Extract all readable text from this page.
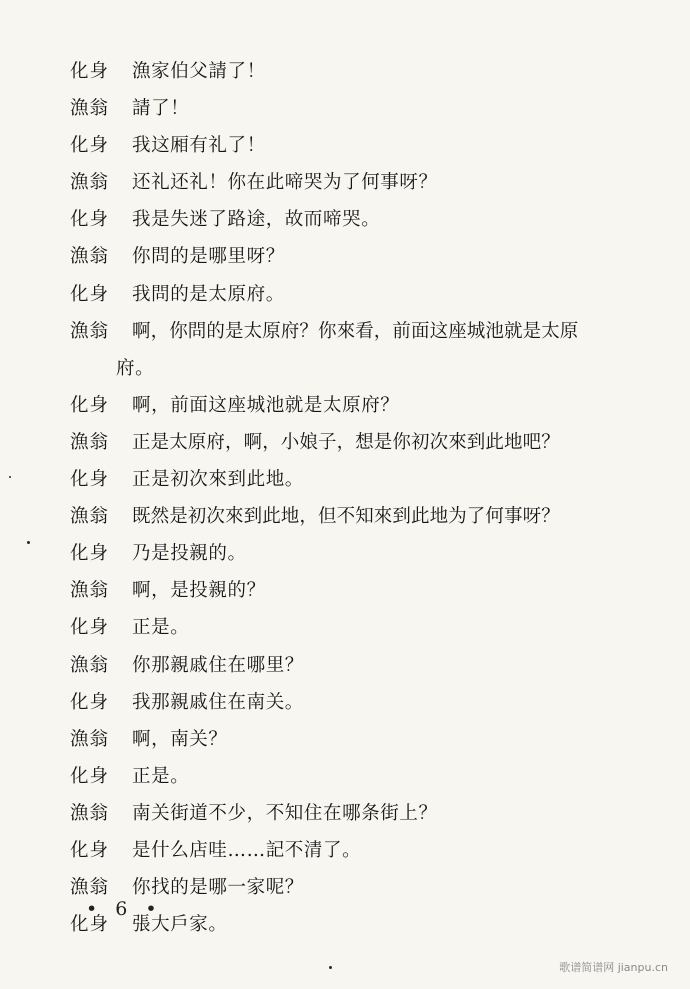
化身 漁家伯父請了！
漁翁 請了！
化身 我这厢有礼了！
漁翁 还礼还礼！你在此啼哭为了何事呀？
化身 我是失迷了路途，故而啼哭。
漁翁 你問的是哪里呀？
化身 我問的是太原府。
漁翁 啊，你問的是太原府？你來看，前面这座城池就是太原
府。
化身 啊，前面这座城池就是太原府？
漁翁 正是太原府，啊，小娘子，想是你初次來到此地吧？
化身 正是初次來到此地。
漁翁 既然是初次來到此地，但不知來到此地为了何事呀？
化身 乃是投親的。
漁翁 啊，是投親的？
化身 正是。
漁翁 你那親戚住在哪里？
化身 我那親戚住在南关。
漁翁 啊，南关？
化身 正是。
漁翁 南关街道不少，不知住在哪条街上？
化身 是什么店哇……記不清了。
漁翁 你找的是哪一家呢？
化身 張大戶家。
• 6 •
歌谱简谱网 jianpu.cn
